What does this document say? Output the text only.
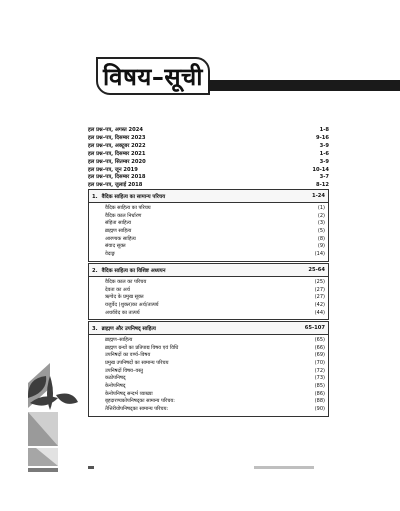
विषय–सूची
हल प्रश्न–पत्र, अगस्त 2024	1-8
हल प्रश्न–पत्र, दिसम्बर 2023	9-16
हल प्रश्न–पत्र, अक्टूबर 2022	3-9
हल प्रश्न–पत्र, दिसम्बर 2021	1-6
हल प्रश्न–पत्र, सितम्बर 2020	3-9
हल प्रश्न–पत्र, जून 2019	10-14
हल प्रश्न–पत्र, दिसम्बर 2018	3-7
हल प्रश्न–पत्र, जुलाई 2018	8-12
1. वैदिक साहित्य का सामान्य परिचय	1-24
वैदिक साहित्य का परिचय	(1)
वैदिक काल निर्धारण	(2)
संहिता साहित्य	(3)
ब्राह्मण साहित्य	(5)
आरण्यक साहित्य	(8)
संवाद सूक्त	(9)
वेदाङ्ग	(14)
2. वैदिक साहित्य का विशिष्ट अध्ययन	25-64
वैदिक काल का परिचय	(25)
देवता का अर्थ	(27)
ऋग्वेद के प्रमुख सूक्त	(27)
यजुर्वेद (शुक्ल)का अर्थ/तात्पर्य	(42)
अथर्ववेद का तात्पर्य	(44)
3. ब्राह्मण और उपनिषद् साहित्य	65-107
ब्राह्मण–साहित्य	(65)
ब्राह्मण ग्रन्थों का प्रतिपाद्य विषय एवं विधि	(66)
उपनिषदों का वर्ण्य–विषय	(69)
प्रमुख उपनिषदों का सामान्य परिचय	(70)
उपनिषदों विषय–वस्तु	(72)
कठोपनिषद्	(73)
केनोपनिषद्	(85)
केनोपनिषद् सन्दर्भ व्याख्या	(86)
बृहदारण्यकोपनिषद्का सामान्य परिचय:	(88)
तैत्तिरीयोपनिषद्का सामान्य परिचय:	(90)
